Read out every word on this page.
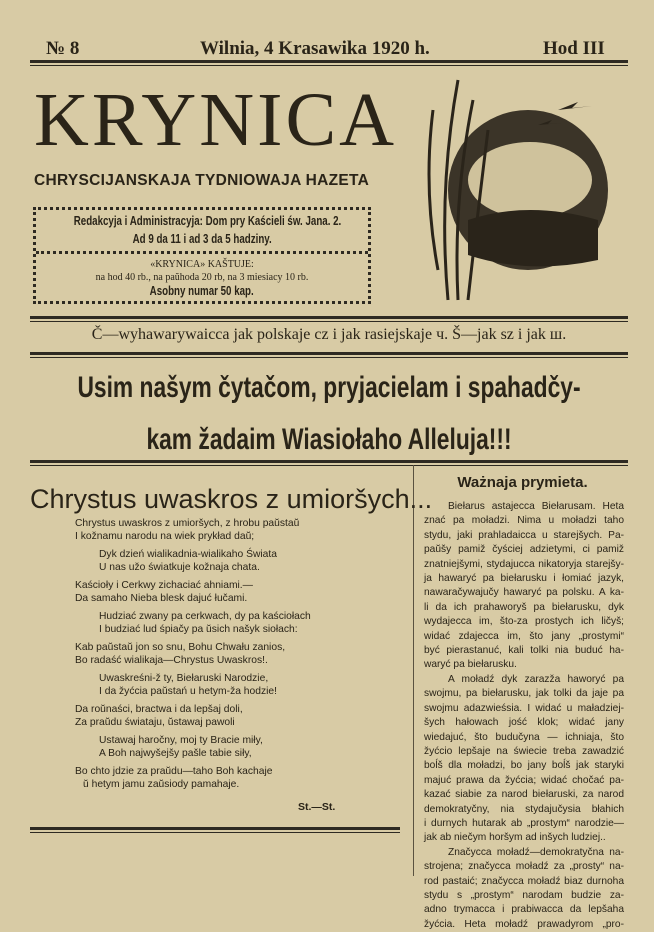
№ 8	Wilnia, 4 Krasawika 1920 h.	Hod III
KRYNICA
CHRYSCIJANSKAJA TYDNIOWAJA HAZETA
Redakcyja i Administracyja: Dom pry Kaścieli św. Jana. 2.
Ad 9 da 11 i ad 3 da 5 hadziny.
«KRYNICA» KAŠTUJE:
na hod 40 rb., na paŭhoda 20 rb, na 3 miesiacy 10 rb.
Asobny numar 50 kap.
Č—wyhawarywaicca jak polskaje cz i jak rasiejskaje ч. Š—jak sz i jak ш.
Usim našym čytačom, pryjacielam i spahadčy-
kam žadaim Wiasiołaho Alleluja!!!
Chrystus uwaskros z umioršych...
Chrystus uwaskros z umioršych, z hrobu paŭstaŭ
I kožnamu narodu na wiek prykład daŭ;
Dyk dzień wialikadnia-wialikaho Świata
U nas užo światkuje kožnaja chata.
Kaścioły i Cerkwy zichaciać ahniami.—
Da samaho Nieba blesk dajuć łučami.
Hudziać zwany pa cerkwach, dy pa kaściołach
I budziać lud śpiačy pa ŭsich našyk siołach:
Kab paŭstaŭ jon so snu, Bohu Chwału zanios,
Bo radaść wialikaja—Chrystus Uwaskros!.
Uwaskreśni-ž ty, Biełaruski Narodzie,
I da žyćcia paŭstań u hetym-ža hodzie!
Da roŭnaści, bractwa i da lepšaj doli,
Za praŭdu świataju, ŭstawaj pawoli
Ustawaj haročny, moj ty Bracie miły,
A Boh najwyšejšy pašle tabie siły,
Bo chto jdzie za praŭdu—taho Boh kachaje
ŭ hetym jamu zaŭsiody pamahaje.
St.—St.
Ważnaja prymieta.
Biełarus astajecca Biełarusam. Heta
znać pa moładzi. Nima u moładzi taho
stydu, jaki prahladaicca u starejšych. Pa-
paŭšy pamiž čyściej adzietymi, ci pamiž
znatniejšymi, stydajucca nikatoryja starejšy-
ja hawaryć pa biełarusku i łomiać jazyk,
nawaračywajučy hawaryć pa polsku. A ka-
li da ich prahaworyš pa biełarusku, dyk
wydajecca im, što-za prostych ich ličyš;
widać zdajecca im, što jany „prostymi“
być pierastanuć, kali tolki nia buduć ha-
waryć pa biełarusku.
A moładź dyk zarazža haworyć pa
swojmu, pa biełarusku, jak tolki da jaje pa
swojmu adazwieśsia. I widać u maładziej-
šych hałowach jość klok; widać jany
wiedajuć, što budučyna — ichniaja, što
žyćcio lepšaje na świecie treba zawadzić
boĺš dla moładzi, bo jany boĺš jak staryki
majuć prawa da žyćcia; widać chočać pa-
kazać siabie za narod biełaruski, za narod
demokratyčny, nia stydajučysia błahich
i durnych hutarak ab „prostym“ narodzie—
jak ab niečym horšym ad inšych ludziej..
Značycca moładź—demokratyčna na-
strojena; značycca moładź za „prosty“ na-
rod pastaić; značycca moładź biaz durnoha
stydu s „prostym“ narodam budzie za-
adno trymacca i prabiwacca da lepšaha
žyćcia. Heta moładź prawadyrom „pro-
